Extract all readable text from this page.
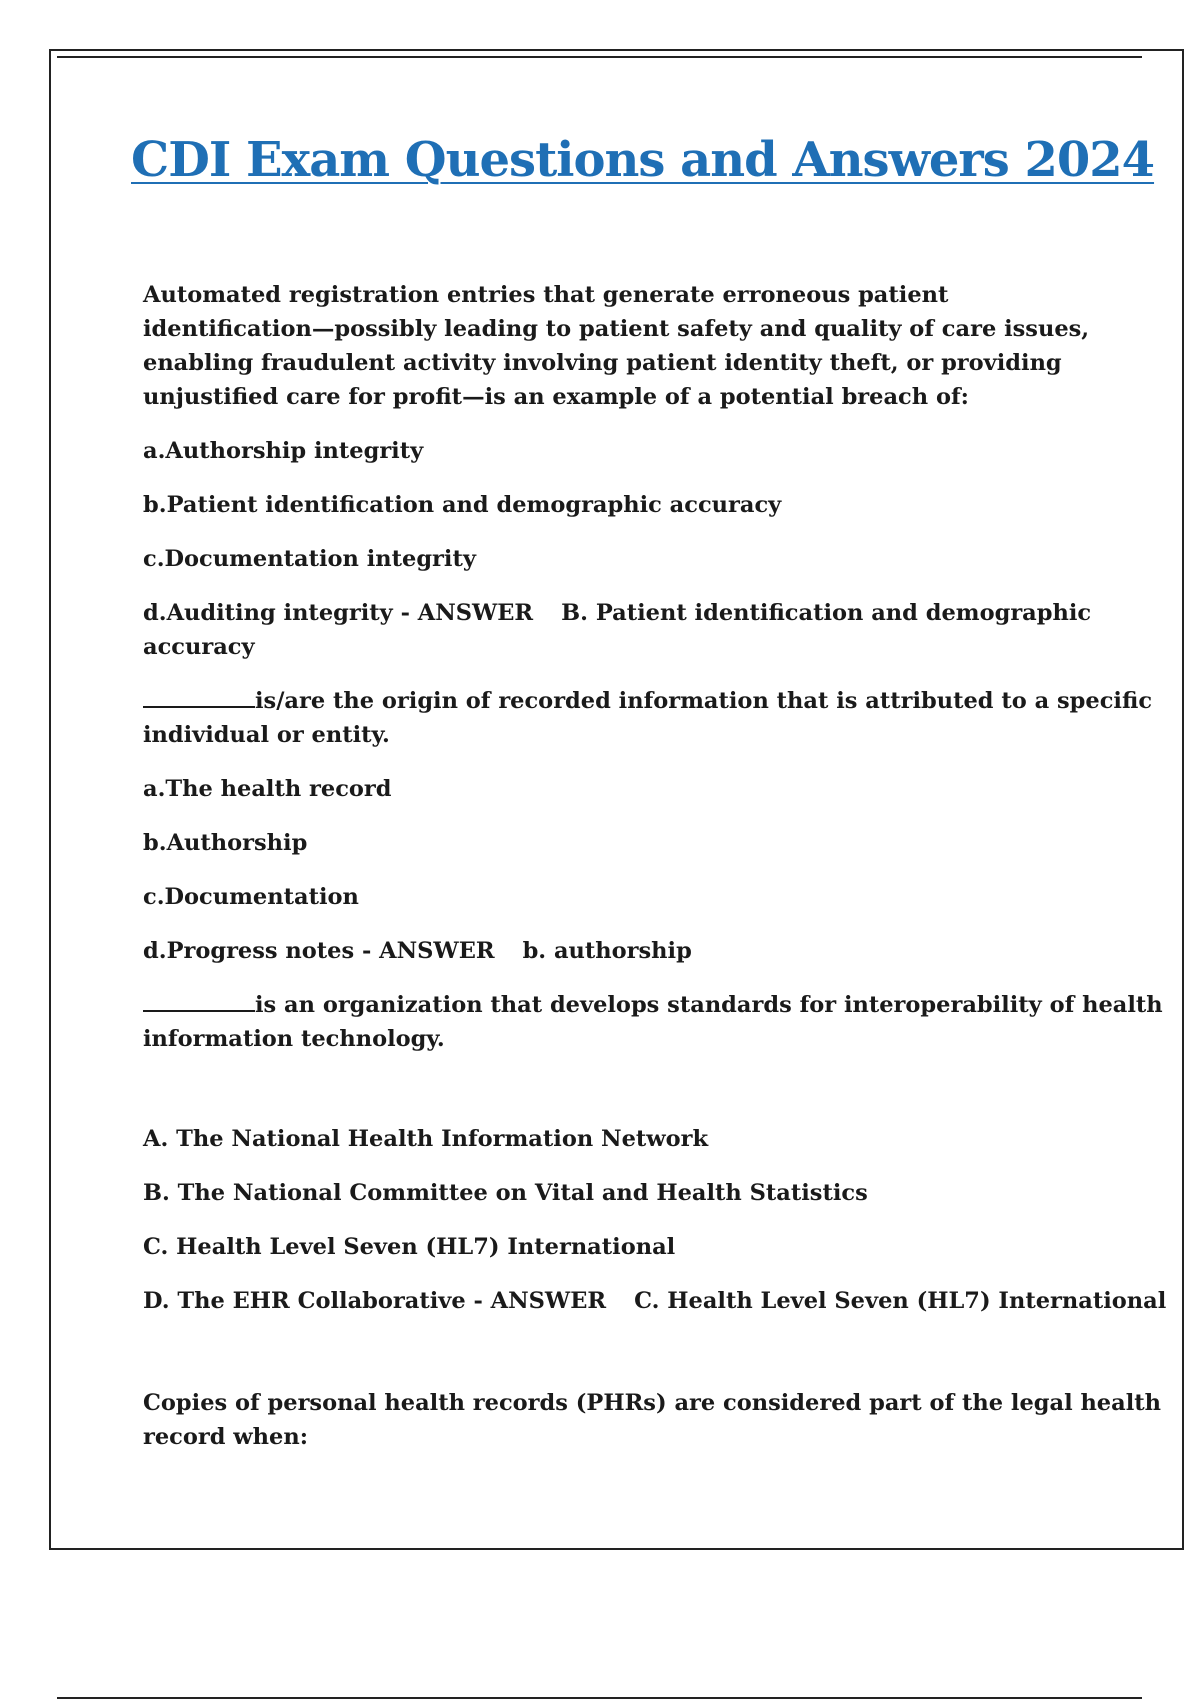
CDI Exam Questions and Answers 2024

Automated registration entries that generate erroneous patient
identification—possibly leading to patient safety and quality of care issues,
enabling fraudulent activity involving patient identity theft, or providing
unjustified care for profit—is an example of a potential breach of:

a.Authorship integrity

b.Patient identification and demographic accuracy

c.Documentation integrity

d.Auditing integrity - ANSWER B. Patient identification and demographic
accuracy

is/are the origin of recorded information that is attributed to a specific
individual or entity.

a.The health record

b.Authorship

c.Documentation

d.Progress notes - ANSWER b. authorship

is an organization that develops standards for interoperability of health
information technology.

A. The National Health Information Network

B. The National Committee on Vital and Health Statistics

C. Health Level Seven (HL7) International

D. The EHR Collaborative - ANSWER C. Health Level Seven (HL7) International

Copies of personal health records (PHRs) are considered part of the legal health
record when:
